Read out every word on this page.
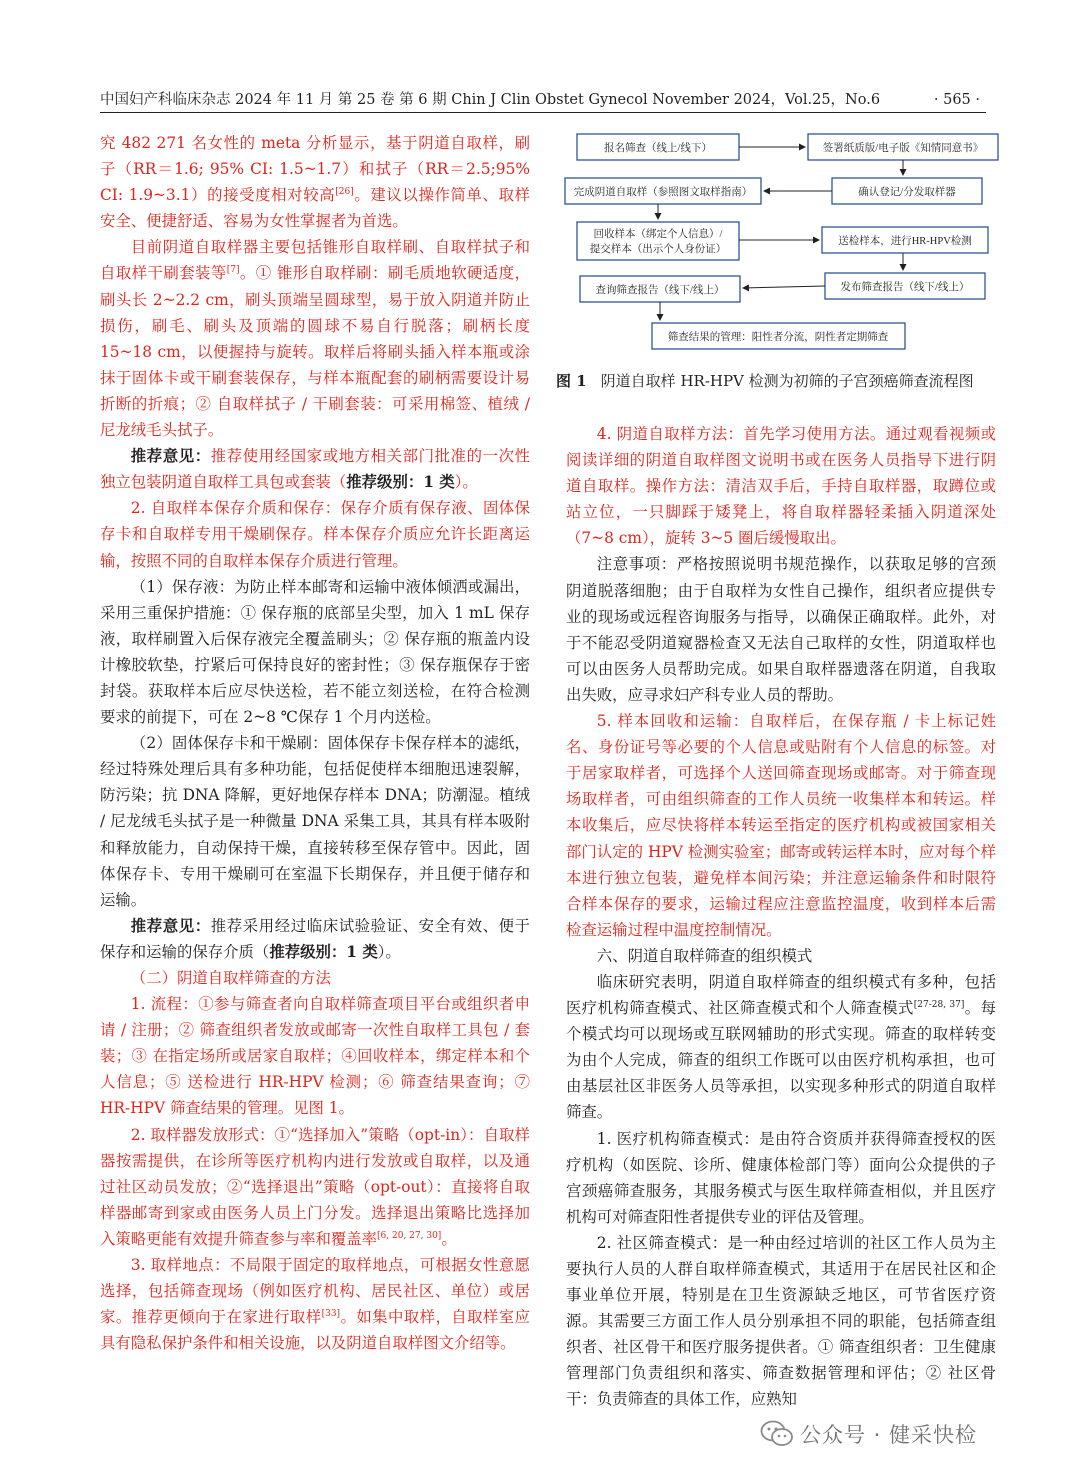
中国妇产科临床杂志 2024 年 11 月 第 25 卷 第 6 期 Chin J Clin Obstet Gynecol November 2024，Vol.25，No.6	· 565 ·

究 482 271 名女性的 meta 分析显示，基于阴道自取样，刷子（RR＝1.6; 95% CI: 1.5~1.7）和拭子（RR＝2.5;95% CI: 1.9~3.1）的接受度相对较高[26]。建议以操作简单、取样安全、便捷舒适、容易为女性掌握者为首选。

目前阴道自取样器主要包括锥形自取样刷、自取样拭子和自取样干刷套装等[7]。① 锥形自取样刷：刷毛质地软硬适度，刷头长 2~2.2 cm，刷头顶端呈圆球型，易于放入阴道并防止损伤，刷毛、刷头及顶端的圆球不易自行脱落；刷柄长度 15~18 cm，以便握持与旋转。取样后将刷头插入样本瓶或涂抹于固体卡或干刷套装保存，与样本瓶配套的刷柄需要设计易折断的折痕；② 自取样拭子 / 干刷套装：可采用棉签、植绒 / 尼龙绒毛头拭子。

推荐意见：推荐使用经国家或地方相关部门批准的一次性独立包装阴道自取样工具包或套装（推荐级别：1 类）。

2. 自取样本保存介质和保存：保存介质有保存液、固体保存卡和自取样专用干燥刷保存。样本保存介质应允许长距离运输，按照不同的自取样本保存介质进行管理。

（1）保存液：为防止样本邮寄和运输中液体倾洒或漏出，采用三重保护措施：① 保存瓶的底部呈尖型，加入 1 mL 保存液，取样刷置入后保存液完全覆盖刷头；② 保存瓶的瓶盖内设计橡胶软垫，拧紧后可保持良好的密封性；③ 保存瓶保存于密封袋。获取样本后应尽快送检，若不能立刻送检，在符合检测要求的前提下，可在 2~8 ℃保存 1 个月内送检。

（2）固体保存卡和干燥刷：固体保存卡保存样本的滤纸，经过特殊处理后具有多种功能，包括促使样本细胞迅速裂解，防污染；抗 DNA 降解，更好地保存样本 DNA；防潮湿。植绒 / 尼龙绒毛头拭子是一种微量 DNA 采集工具，其具有样本吸附和释放能力，自动保持干燥，直接转移至保存管中。因此，固体保存卡、专用干燥刷可在室温下长期保存，并且便于储存和运输。

推荐意见：推荐采用经过临床试验验证、安全有效、便于保存和运输的保存介质（推荐级别：1 类）。

（二）阴道自取样筛查的方法

1. 流程：①参与筛查者向自取样筛查项目平台或组织者申请 / 注册；② 筛查组织者发放或邮寄一次性自取样工具包 / 套装；③ 在指定场所或居家自取样；④回收样本，绑定样本和个人信息；⑤ 送检进行 HR-HPV 检测；⑥ 筛查结果查询；⑦ HR-HPV 筛查结果的管理。见图 1。

2. 取样器发放形式：①“选择加入”策略（opt-in）：自取样器按需提供，在诊所等医疗机构内进行发放或自取样，以及通过社区动员发放；②“选择退出”策略（opt-out）：直接将自取样器邮寄到家或由医务人员上门分发。选择退出策略比选择加入策略更能有效提升筛查参与率和覆盖率[6, 20, 27, 30]。

3. 取样地点：不局限于固定的取样地点，可根据女性意愿选择，包括筛查现场（例如医疗机构、居民社区、单位）或居家。推荐更倾向于在家进行取样[33]。如集中取样，自取样室应具有隐私保护条件和相关设施，以及阴道自取样图文介绍等。

报名筛查（线上/线下）	签署纸质版/电子版《知情同意书》
确认登记/分发取样器
完成阴道自取样（参照图文取样指南）
回收样本（绑定个人信息）/
提交样本（出示个人身份证）
送检样本，进行HR-HPV检测
发布筛查报告（线下/线上）
查询筛查报告（线下/线上）
筛查结果的管理：阳性者分流，阴性者定期筛查
图 1 阴道自取样 HR-HPV 检测为初筛的子宫颈癌筛查流程图

4. 阴道自取样方法：首先学习使用方法。通过观看视频或阅读详细的阴道自取样图文说明书或在医务人员指导下进行阴道自取样。操作方法：清洁双手后，手持自取样器，取蹲位或站立位，一只脚踩于矮凳上，将自取样器轻柔插入阴道深处（7~8 cm），旋转 3~5 圈后缓慢取出。

注意事项：严格按照说明书规范操作，以获取足够的宫颈阴道脱落细胞；由于自取样为女性自己操作，组织者应提供专业的现场或远程咨询服务与指导，以确保正确取样。此外，对于不能忍受阴道窥器检查又无法自己取样的女性，阴道取样也可以由医务人员帮助完成。如果自取样器遗落在阴道，自我取出失败，应寻求妇产科专业人员的帮助。

5. 样本回收和运输：自取样后，在保存瓶 / 卡上标记姓名、身份证号等必要的个人信息或贴附有个人信息的标签。对于居家取样者，可选择个人送回筛查现场或邮寄。对于筛查现场取样者，可由组织筛查的工作人员统一收集样本和转运。样本收集后，应尽快将样本转运至指定的医疗机构或被国家相关部门认定的 HPV 检测实验室；邮寄或转运样本时，应对每个样本进行独立包装，避免样本间污染；并注意运输条件和时限符合样本保存的要求，运输过程应注意监控温度，收到样本后需检查运输过程中温度控制情况。

六、阴道自取样筛查的组织模式

临床研究表明，阴道自取样筛查的组织模式有多种，包括医疗机构筛查模式、社区筛查模式和个人筛查模式[27-28, 37]。每个模式均可以现场或互联网辅助的形式实现。筛查的取样转变为由个人完成，筛查的组织工作既可以由医疗机构承担，也可由基层社区非医务人员等承担，以实现多种形式的阴道自取样筛查。

1. 医疗机构筛查模式：是由符合资质并获得筛查授权的医疗机构（如医院、诊所、健康体检部门等）面向公众提供的子宫颈癌筛查服务，其服务模式与医生取样筛查相似，并且医疗机构可对筛查阳性者提供专业的评估及管理。

2. 社区筛查模式：是一种由经过培训的社区工作人员为主要执行人员的人群自取样筛查模式，其适用于在居民社区和企事业单位开展，特别是在卫生资源缺乏地区，可节省医疗资源。其需要三方面工作人员分别承担不同的职能，包括筛查组织者、社区骨干和医疗服务提供者。① 筛查组织者：卫生健康管理部门负责组织和落实、筛查数据管理和评估；② 社区骨干：负责筛查的具体工作，应熟知

公众号 · 健采快检
